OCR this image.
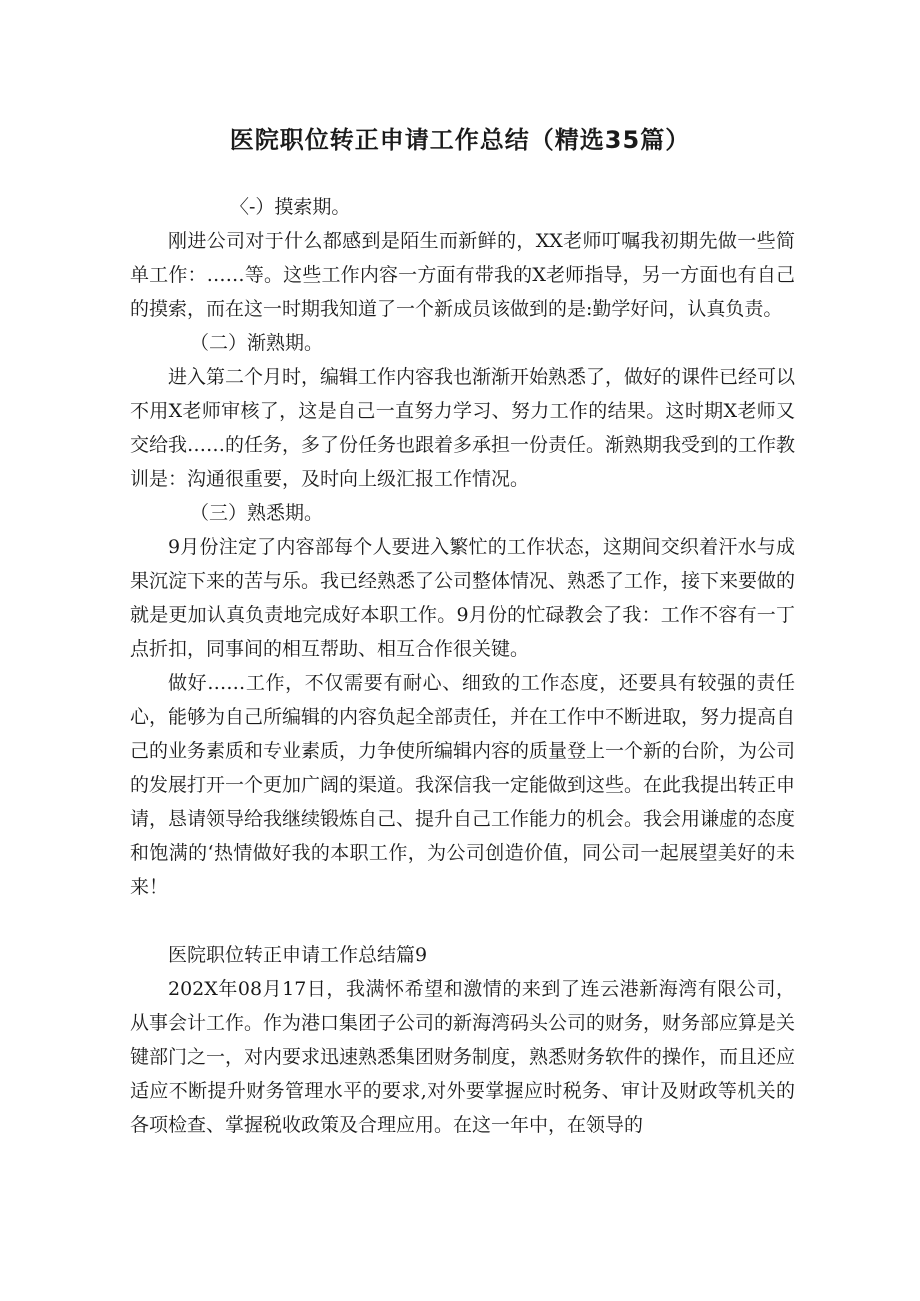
医院职位转正申请工作总结（精选35篇）

〈-）摸索期。

刚进公司对于什么都感到是陌生而新鲜的，XX老师叮嘱我初期先做一些简单工作：……等。这些工作内容一方面有带我的X老师指导，另一方面也有自己的摸索，而在这一时期我知道了一个新成员该做到的是:勤学好问，认真负责。

（二）渐熟期。

进入第二个月时，编辑工作内容我也渐渐开始熟悉了，做好的课件已经可以不用X老师审核了，这是自己一直努力学习、努力工作的结果。这时期X老师又交给我……的任务，多了份任务也跟着多承担一份责任。渐熟期我受到的工作教训是：沟通很重要，及时向上级汇报工作情况。

（三）熟悉期。

9月份注定了内容部每个人要进入繁忙的工作状态，这期间交织着汗水与成果沉淀下来的苦与乐。我已经熟悉了公司整体情况、熟悉了工作，接下来要做的就是更加认真负责地完成好本职工作。9月份的忙碌教会了我：工作不容有一丁点折扣，同事间的相互帮助、相互合作很关键。

做好……工作，不仅需要有耐心、细致的工作态度，还要具有较强的责任心，能够为自己所编辑的内容负起全部责任，并在工作中不断进取，努力提高自己的业务素质和专业素质，力争使所编辑内容的质量登上一个新的台阶，为公司的发展打开一个更加广阔的渠道。我深信我一定能做到这些。在此我提出转正申请，恳请领导给我继续锻炼自己、提升自己工作能力的机会。我会用谦虚的态度和饱满的‘热情做好我的本职工作，为公司创造价值，同公司一起展望美好的未来！

医院职位转正申请工作总结篇9

202X年08月17日，我满怀希望和激情的来到了连云港新海湾有限公司，从事会计工作。作为港口集团子公司的新海湾码头公司的财务，财务部应算是关键部门之一，对内要求迅速熟悉集团财务制度，熟悉财务软件的操作，而且还应适应不断提升财务管理水平的要求,对外要掌握应时税务、审计及财政等机关的各项检查、掌握税收政策及合理应用。在这一年中，在领导的
